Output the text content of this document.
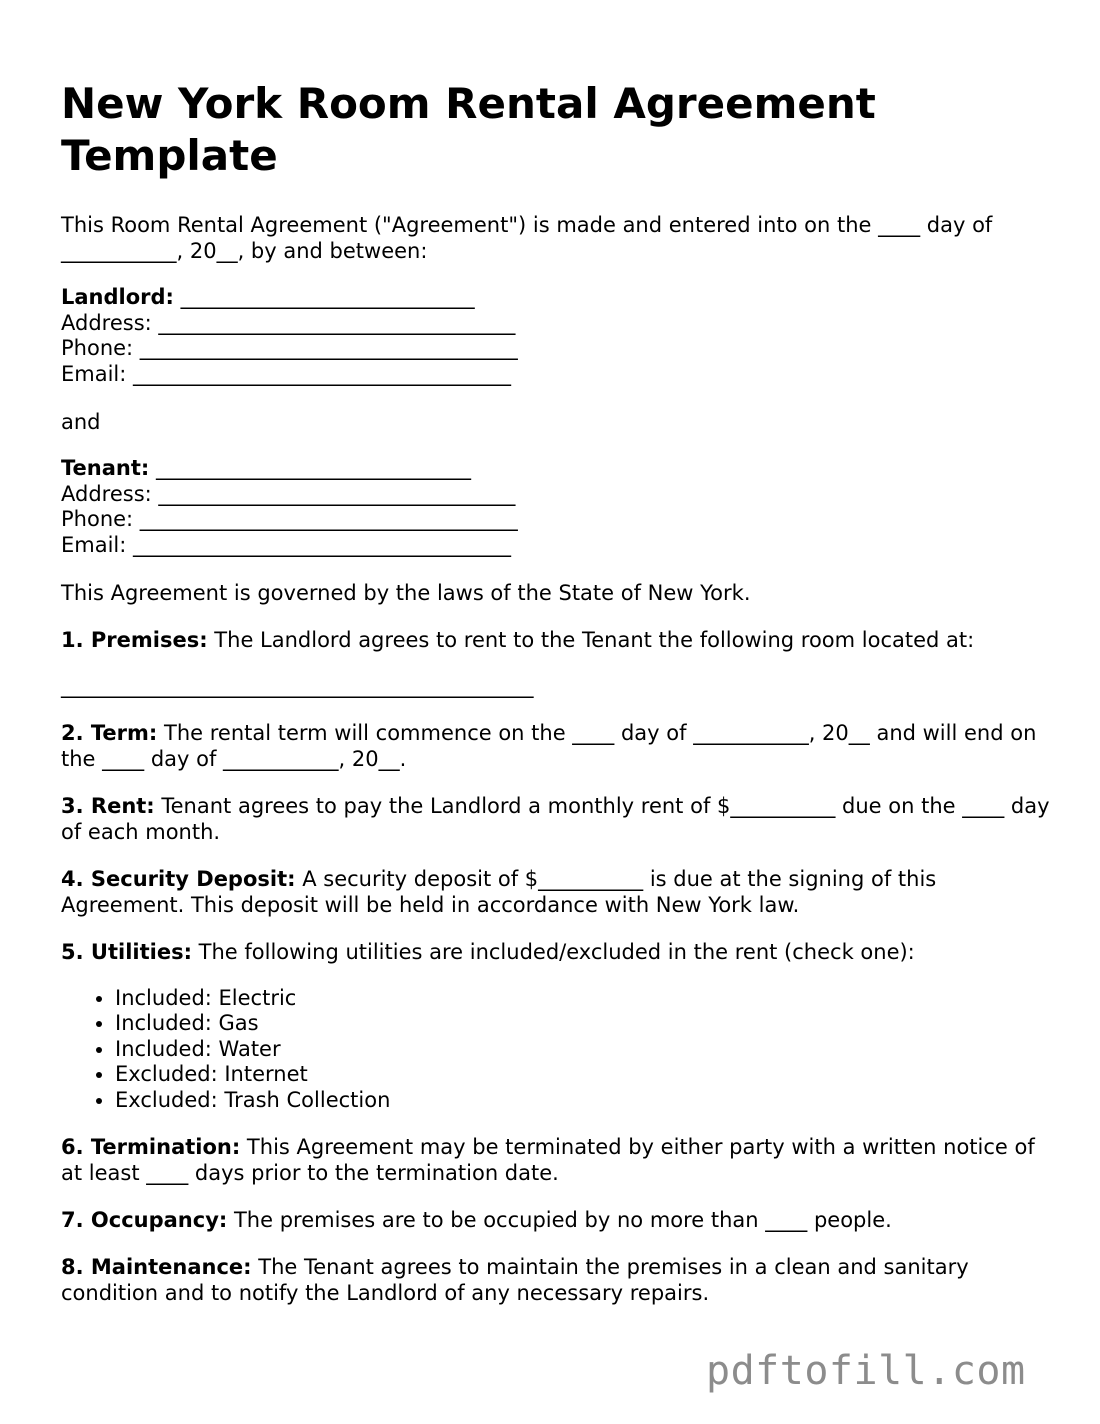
New York Room Rental Agreement
Template

This Room Rental Agreement ("Agreement") is made and entered into on the ____ day of ___________, 20__, by and between:

Landlord: ____________________________
Address: __________________________________
Phone: ____________________________________
Email: ____________________________________

and

Tenant: ______________________________
Address: __________________________________
Phone: ____________________________________
Email: ____________________________________

This Agreement is governed by the laws of the State of New York.

1. Premises: The Landlord agrees to rent to the Tenant the following room located at:

_____________________________________________

2. Term: The rental term will commence on the ____ day of ___________, 20__ and will end on the ____ day of ___________, 20__.

3. Rent: Tenant agrees to pay the Landlord a monthly rent of $__________ due on the ____ day of each month.

4. Security Deposit: A security deposit of $__________ is due at the signing of this Agreement. This deposit will be held in accordance with New York law.

5. Utilities: The following utilities are included/excluded in the rent (check one):

• Included: Electric
• Included: Gas
• Included: Water
• Excluded: Internet
• Excluded: Trash Collection

6. Termination: This Agreement may be terminated by either party with a written notice of at least ____ days prior to the termination date.

7. Occupancy: The premises are to be occupied by no more than ____ people.

8. Maintenance: The Tenant agrees to maintain the premises in a clean and sanitary condition and to notify the Landlord of any necessary repairs.

pdftofill.com
